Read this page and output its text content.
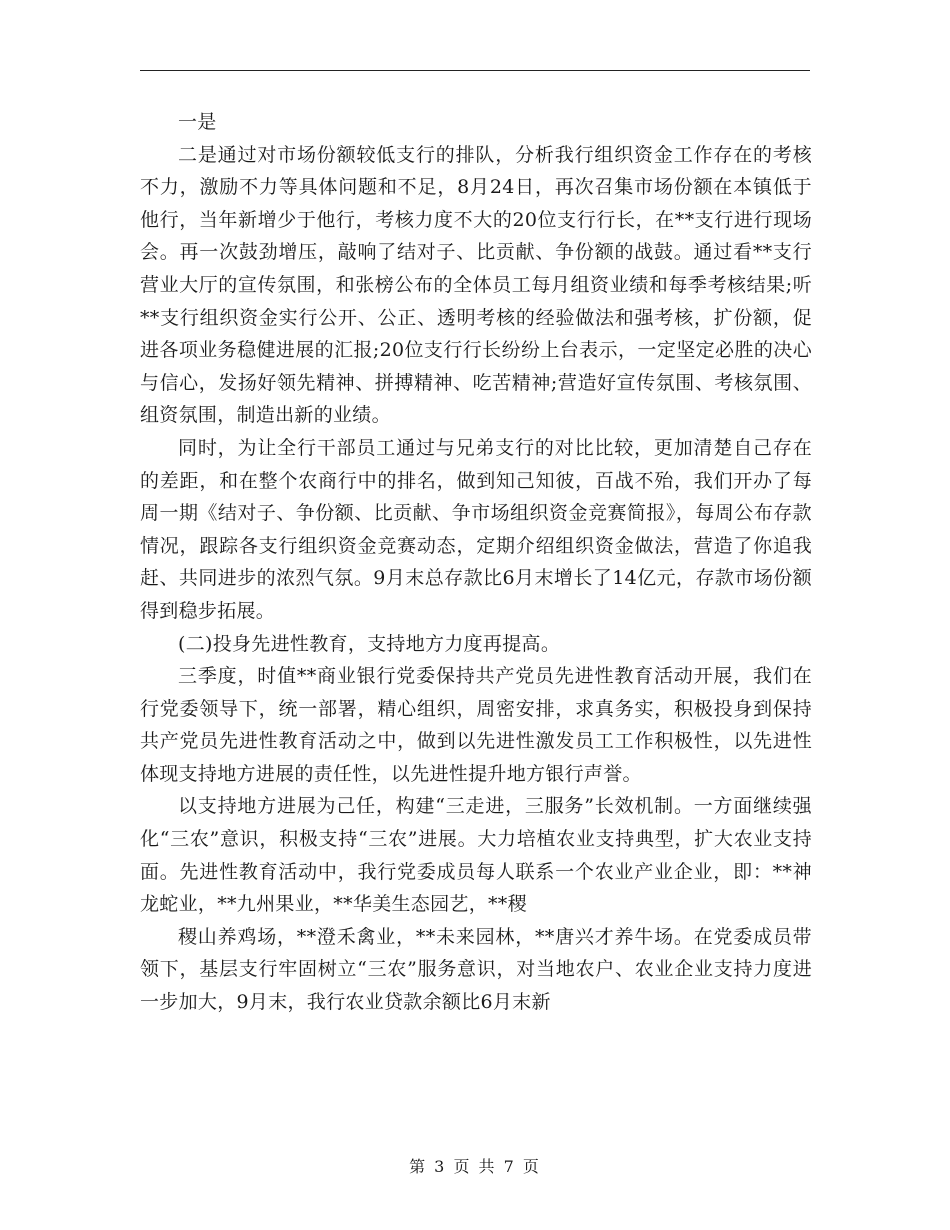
一是

二是通过对市场份额较低支行的排队，分析我行组织资金工作存在的考核不力，激励不力等具体问题和不足，8月24日，再次召集市场份额在本镇低于他行，当年新增少于他行，考核力度不大的20位支行行长，在**支行进行现场会。再一次鼓劲增压，敲响了结对子、比贡献、争份额的战鼓。通过看**支行营业大厅的宣传氛围，和张榜公布的全体员工每月组资业绩和每季考核结果;听**支行组织资金实行公开、公正、透明考核的经验做法和强考核，扩份额，促进各项业务稳健进展的汇报;20位支行行长纷纷上台表示，一定坚定必胜的决心与信心，发扬好领先精神、拼搏精神、吃苦精神;营造好宣传氛围、考核氛围、组资氛围，制造出新的业绩。

同时，为让全行干部员工通过与兄弟支行的对比比较，更加清楚自己存在的差距，和在整个农商行中的排名，做到知己知彼，百战不殆，我们开办了每周一期《结对子、争份额、比贡献、争市场组织资金竞赛简报》，每周公布存款情况，跟踪各支行组织资金竞赛动态，定期介绍组织资金做法，营造了你追我赶、共同进步的浓烈气氛。9月末总存款比6月末增长了14亿元，存款市场份额得到稳步拓展。

(二)投身先进性教育，支持地方力度再提高。

三季度，时值**商业银行党委保持共产党员先进性教育活动开展，我们在行党委领导下，统一部署，精心组织，周密安排，求真务实，积极投身到保持共产党员先进性教育活动之中，做到以先进性激发员工工作积极性，以先进性体现支持地方进展的责任性，以先进性提升地方银行声誉。

以支持地方进展为己任，构建“三走进，三服务”长效机制。一方面继续强化“三农”意识，积极支持“三农”进展。大力培植农业支持典型，扩大农业支持面。先进性教育活动中，我行党委成员每人联系一个农业产业企业，即：**神龙蛇业，**九州果业，**华美生态园艺，**稷

稷山养鸡场，**澄禾禽业，**未来园林，**唐兴才养牛场。在党委成员带领下，基层支行牢固树立“三农”服务意识，对当地农户、农业企业支持力度进一步加大，9月末，我行农业贷款余额比6月末新

第 3 页 共 7 页
